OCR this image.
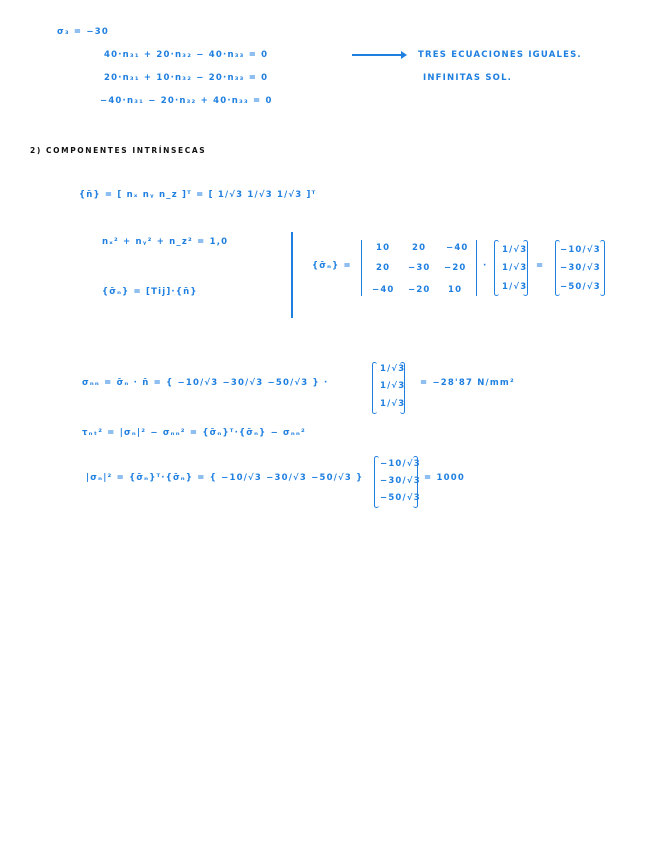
σ₃ = −30
40·n₃₁ + 20·n₃₂ − 40·n₃₃ = 0
20·n₃₁ + 10·n₃₂ − 20·n₃₃ = 0
−40·n₃₁ − 20·n₃₂ + 40·n₃₃ = 0
TRES ECUACIONES IGUALES.
INFINITAS SOL.
2) COMPONENTES INTRÍNSECAS
{n̄} = [ nₓ nᵧ n_z ]ᵀ = [ 1/√3 1/√3 1/√3 ]ᵀ
nₓ² + nᵧ² + n_z² = 1,0
{σ̄ₙ} = [Tij]·{n̄}
{σ̄ₙ} =
10	20 −40
20 −30 −20
−40 −20 10
·
1/√3
1/√3
1/√3
=
−10/√3
−30/√3
−50/√3
σₙₙ = σ̄ₙ · n̄ = { −10/√3 −30/√3 −50/√3 } ·
1/√3
1/√3
1/√3
= −28'87 N/mm²
τₙₜ² = |σₙ|² − σₙₙ² = {σ̄ₙ}ᵀ·{σ̄ₙ} − σₙₙ²
|σₙ|² = {σ̄ₙ}ᵀ·{σ̄ₙ} = { −10/√3 −30/√3 −50/√3 }
−10/√3
−30/√3
−50/√3
= 1000
